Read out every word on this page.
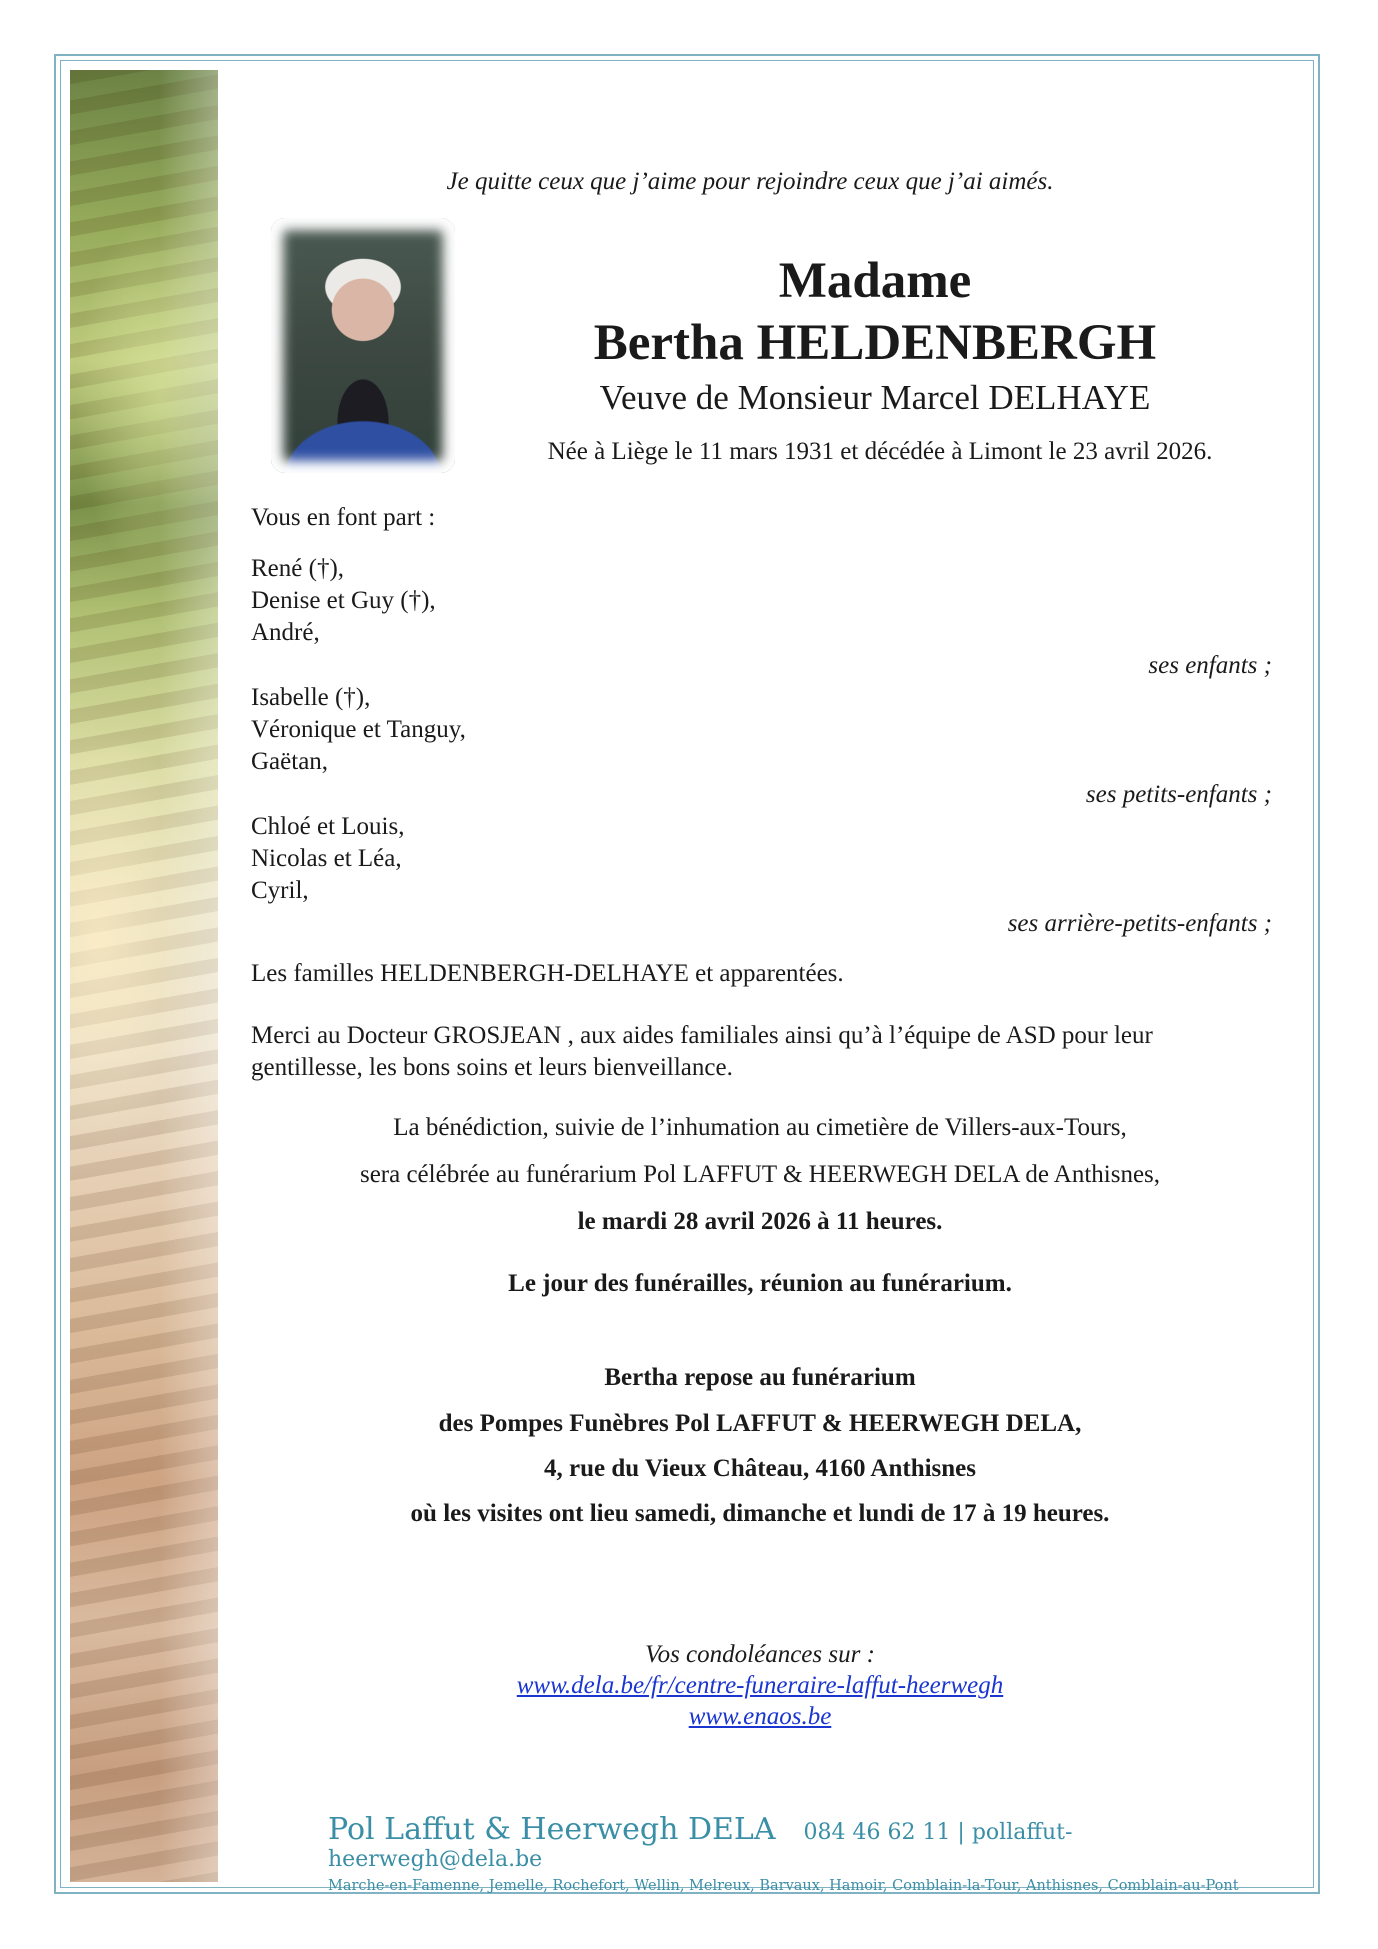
Je quitte ceux que j’aime pour rejoindre ceux que j’ai aimés.

Madame

Bertha HELDENBERGH

Veuve de Monsieur Marcel DELHAYE

Née à Liège le 11 mars 1931 et décédée à Limont le 23 avril 2026.
Vous en font part :
René (†),
Denise et Guy (†),
André,
ses enfants ;
Isabelle (†),
Véronique et Tanguy,
Gaëtan,
ses petits-enfants ;
Chloé et Louis,
Nicolas et Léa,
Cyril,
ses arrière-petits-enfants ;
Les familles HELDENBERGH-DELHAYE et apparentées.
Merci au Docteur GROSJEAN , aux aides familiales ainsi qu’à l’équipe de ASD pour leur
gentillesse, les bons soins et leurs bienveillance.
La bénédiction, suivie de l’inhumation au cimetière de Villers-aux-Tours,
sera célébrée au funérarium Pol LAFFUT & HEERWEGH DELA de Anthisnes,
le mardi 28 avril 2026 à 11 heures.
Le jour des funérailles, réunion au funérarium.
Bertha repose au funérarium
des Pompes Funèbres Pol LAFFUT & HEERWEGH DELA,
4, rue du Vieux Château, 4160 Anthisnes
où les visites ont lieu samedi, dimanche et lundi de 17 à 19 heures.
Vos condoléances sur :
www.dela.be/fr/centre-funeraire-laffut-heerwegh
www.enaos.be
Pol Laffut & Heerwegh DELA 084 46 62 11 | pollaffut-heerwegh@dela.be
Marche-en-Famenne, Jemelle, Rochefort, Wellin, Melreux, Barvaux, Hamoir, Comblain-la-Tour, Anthisnes, Comblain-au-Pont
